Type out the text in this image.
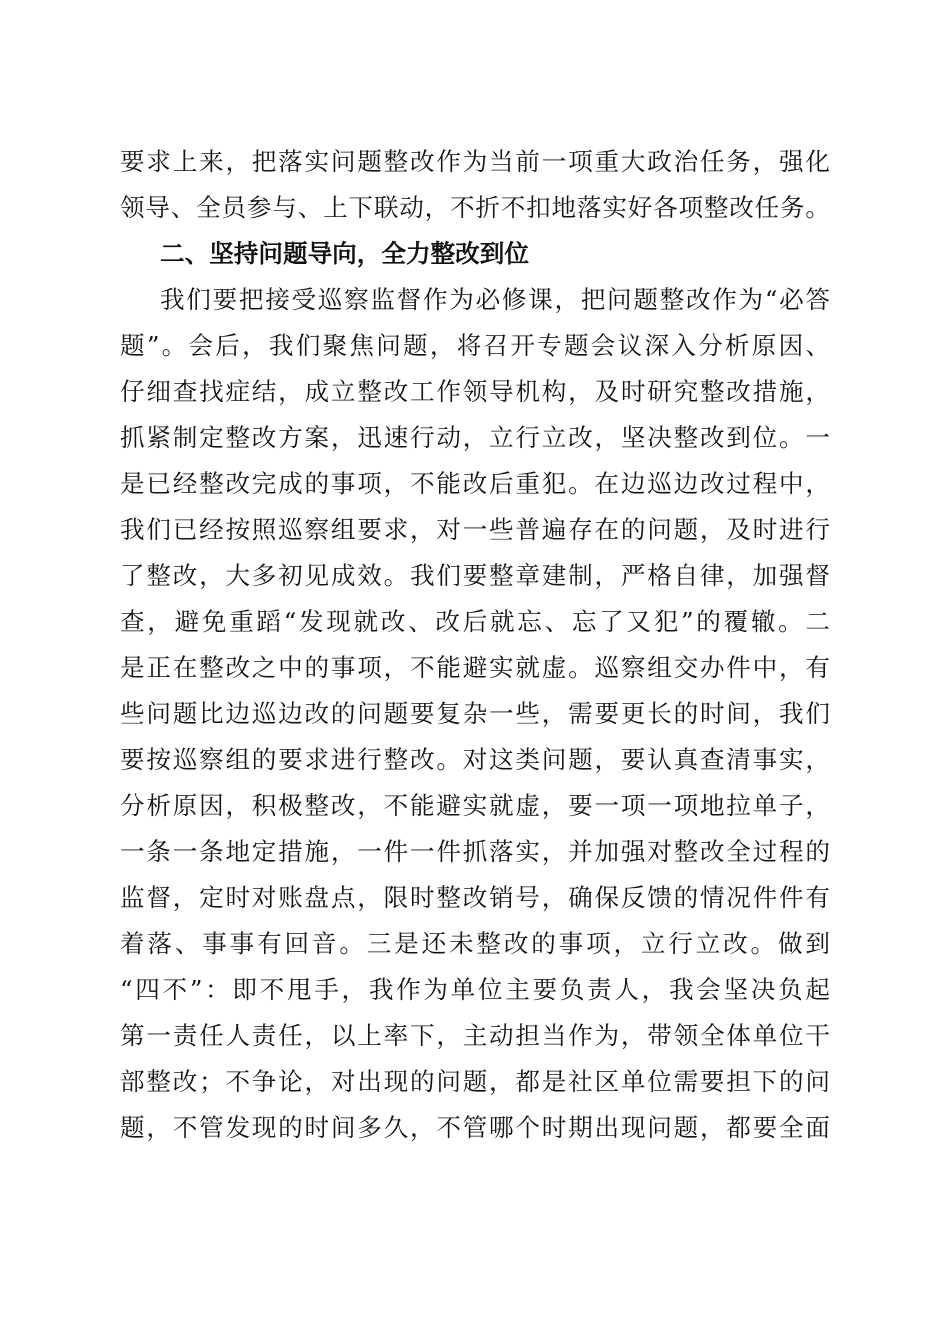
要求上来，把落实问题整改作为当前一项重大政治任务，强化
领导、全员参与、上下联动，不折不扣地落实好各项整改任务。
二、坚持问题导向，全力整改到位
我们要把接受巡察监督作为必修课，把问题整改作为“必答
题”。会后，我们聚焦问题，将召开专题会议深入分析原因、
仔细查找症结，成立整改工作领导机构，及时研究整改措施，
抓紧制定整改方案，迅速行动，立行立改，坚决整改到位。一
是已经整改完成的事项，不能改后重犯。在边巡边改过程中，
我们已经按照巡察组要求，对一些普遍存在的问题，及时进行
了整改，大多初见成效。我们要整章建制，严格自律，加强督
查，避免重蹈“发现就改、改后就忘、忘了又犯”的覆辙。二
是正在整改之中的事项，不能避实就虚。巡察组交办件中，有
些问题比边巡边改的问题要复杂一些，需要更长的时间，我们
要按巡察组的要求进行整改。对这类问题，要认真查清事实，
分析原因，积极整改，不能避实就虚，要一项一项地拉单子，
一条一条地定措施，一件一件抓落实，并加强对整改全过程的
监督，定时对账盘点，限时整改销号，确保反馈的情况件件有
着落、事事有回音。三是还未整改的事项，立行立改。做到
“四不”：即不甩手，我作为单位主要负责人，我会坚决负起
第一责任人责任，以上率下，主动担当作为，带领全体单位干
部整改；不争论，对出现的问题，都是社区单位需要担下的问
题，不管发现的时间多久，不管哪个时期出现问题，都要全面
